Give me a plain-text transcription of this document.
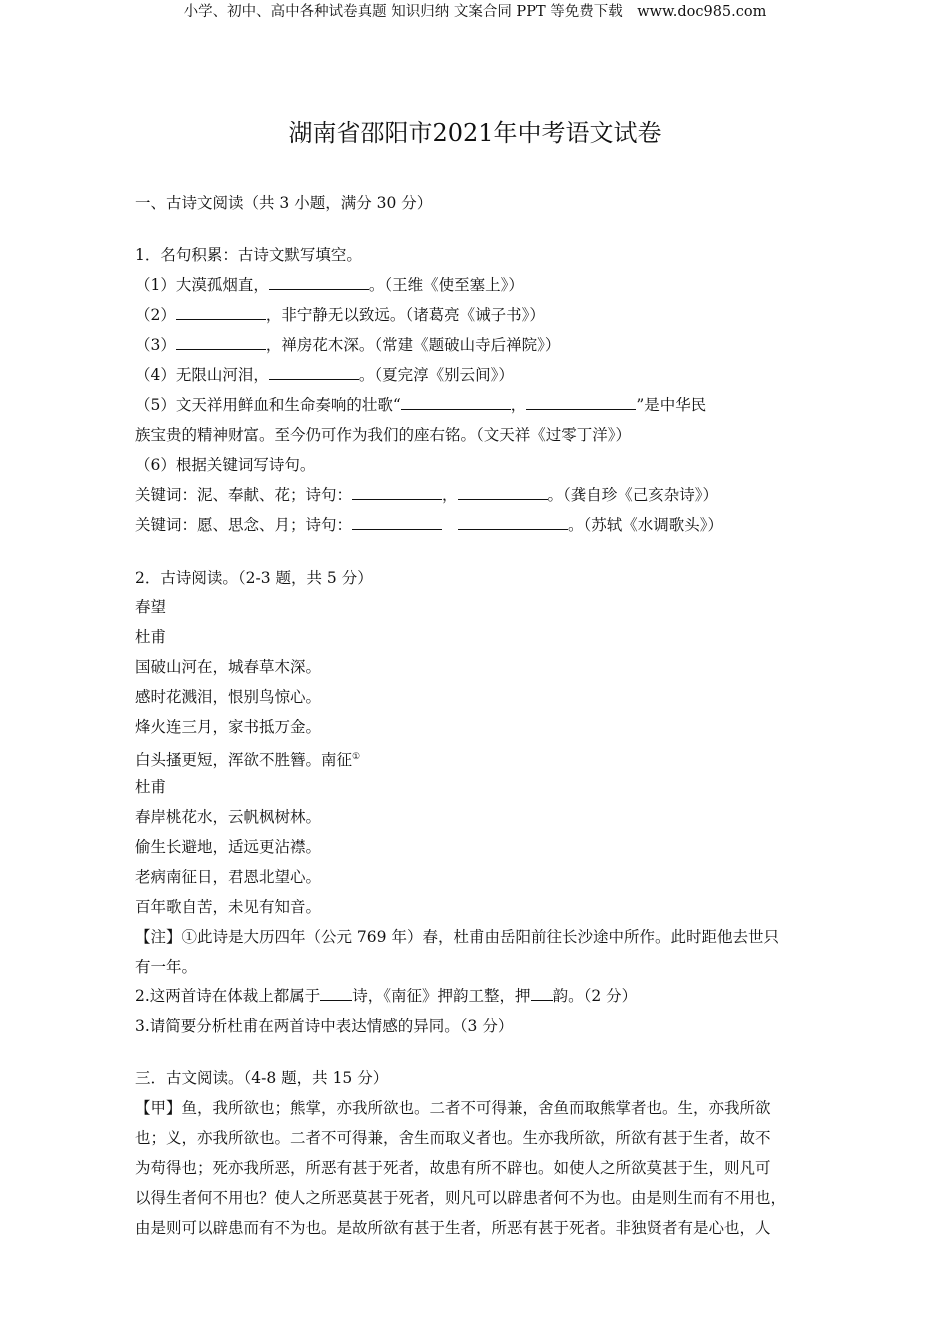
小学、初中、高中各种试卷真题 知识归纳 文案合同 PPT 等免费下载　www.doc985.com
湖南省邵阳市2021年中考语文试卷
一、古诗文阅读（共 3 小题，满分 30 分）
1．名句积累：古诗文默写填空。
（1）大漠孤烟直，	。（王维《使至塞上》）
（2）	，非宁静无以致远。（诸葛亮《诫子书》）
（3）	，禅房花木深。（常建《题破山寺后禅院》）
（4）无限山河泪，	。（夏完淳《别云间》）
（5）文天祥用鲜血和生命奏响的壮歌“	，	”是中华民
族宝贵的精神财富。至今仍可作为我们的座右铭。（文天祥《过零丁洋》）
（6）根据关键词写诗句。
关键词：泥、奉献、花；诗句：	，	。（龚自珍《己亥杂诗》）
关键词：愿、思念、月；诗句：	。（苏轼《水调歌头》）
2．古诗阅读。（2-3 题，共 5 分）
春望
杜甫
国破山河在，城春草木深。
感时花溅泪，恨别鸟惊心。
烽火连三月，家书抵万金。
白头搔更短，浑欲不胜簪。南征①
杜甫
春岸桃花水，云帆枫树林。
偷生长避地，适远更沾襟。
老病南征日，君恩北望心。
百年歌自苦，未见有知音。
【注】①此诗是大历四年（公元 769 年）春，杜甫由岳阳前往长沙途中所作。此时距他去世只
有一年。
2.这两首诗在体裁上都属于 诗，《南征》押韵工整，押 韵。（2 分）
3.请简要分析杜甫在两首诗中表达情感的异同。（3 分）
三．古文阅读。（4-8 题，共 15 分）
【甲】鱼，我所欲也；熊掌，亦我所欲也。二者不可得兼，舍鱼而取熊掌者也。生，亦我所欲
也；义，亦我所欲也。二者不可得兼，舍生而取义者也。生亦我所欲，所欲有甚于生者，故不
为苟得也；死亦我所恶，所恶有甚于死者，故患有所不辟也。如使人之所欲莫甚于生，则凡可
以得生者何不用也？使人之所恶莫甚于死者，则凡可以辟患者何不为也。由是则生而有不用也，
由是则可以辟患而有不为也。是故所欲有甚于生者，所恶有甚于死者。非独贤者有是心也，人
